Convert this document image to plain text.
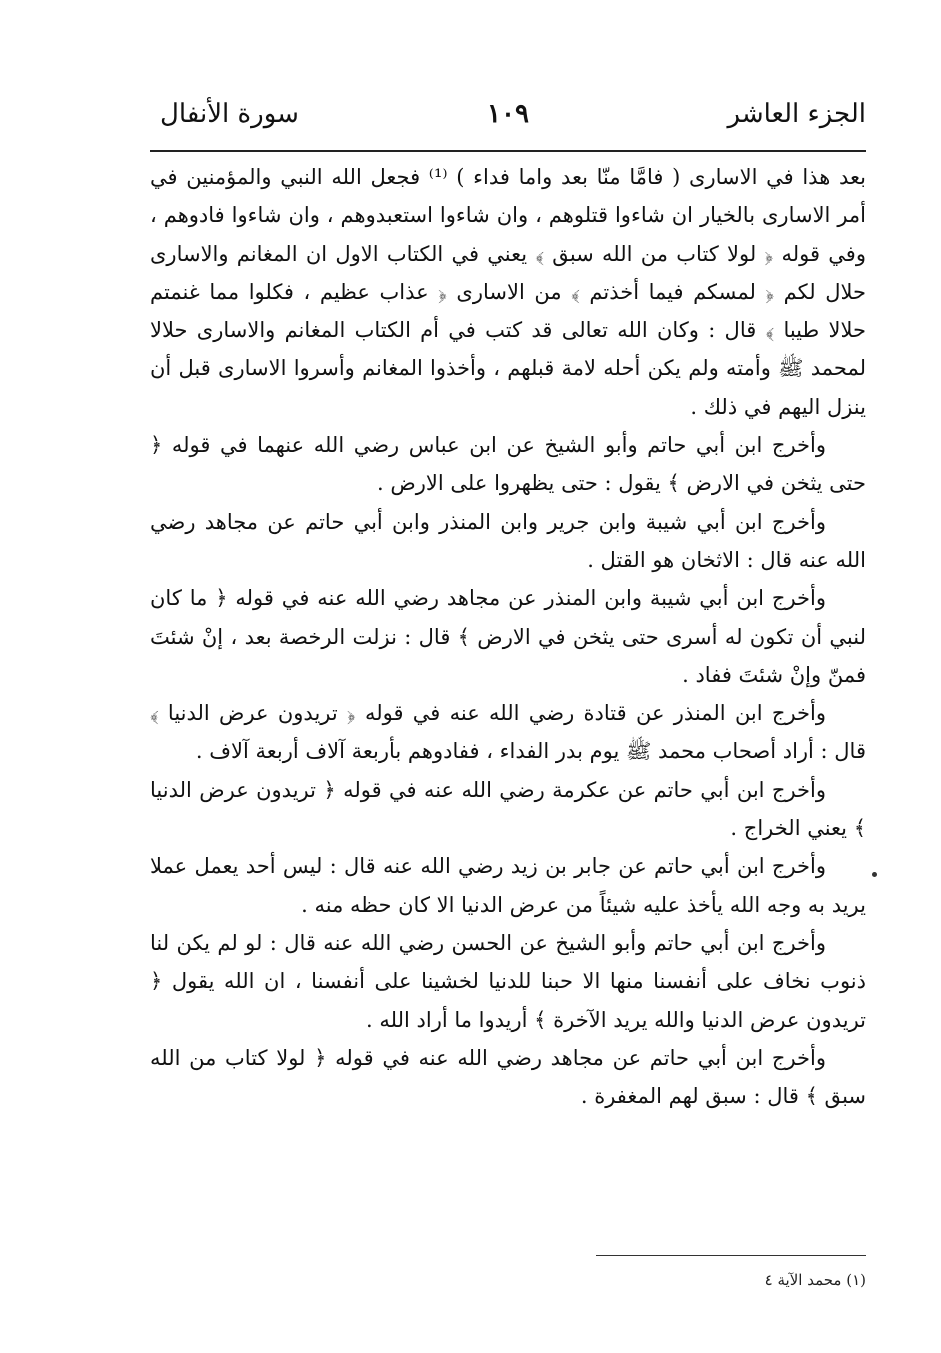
الجزء العاشر
١٠٩
سورة الأنفال

بعد هذا في الاسارى ( فامَّا منّا بعد واما فداء ) ⁽¹⁾ فجعل الله النبي والمؤمنين في أمر الاسارى بالخيار ان شاءوا قتلوهم ، وان شاءوا استعبدوهم ، وان شاءوا فادوهم ، وفي قوله ﴿ لولا كتاب من الله سبق ﴾ يعني في الكتاب الاول ان المغانم والاسارى حلال لكم ﴿ لمسكم فيما أخذتم ﴾ من الاسارى ﴿ عذاب عظيم ، فكلوا مما غنمتم حلالا طيبا ﴾ قال : وكان الله تعالى قد كتب في أم الكتاب المغانم والاسارى حلالا لمحمد ﷺ وأمته ولم يكن أحله لامة قبلهم ، وأخذوا المغانم وأسروا الاسارى قبل أن ينزل اليهم في ذلك .

وأخرج ابن أبي حاتم وأبو الشيخ عن ابن عباس رضي الله عنهما في قوله ﴿ حتى يثخن في الارض ﴾ يقول : حتى يظهروا على الارض .

وأخرج ابن أبي شيبة وابن جرير وابن المنذر وابن أبي حاتم عن مجاهد رضي الله عنه قال : الاثخان هو القتل .

وأخرج ابن أبي شيبة وابن المنذر عن مجاهد رضي الله عنه في قوله ﴿ ما كان لنبي أن تكون له أسرى حتى يثخن في الارض ﴾ قال : نزلت الرخصة بعد ، إنْ شئتَ فمنّ وإنْ شئتَ ففاد .

وأخرج ابن المنذر عن قتادة رضي الله عنه في قوله ﴿ تريدون عرض الدنيا ﴾ قال : أراد أصحاب محمد ﷺ يوم بدر الفداء ، ففادوهم بأربعة آلاف أربعة آلاف .

وأخرج ابن أبي حاتم عن عكرمة رضي الله عنه في قوله ﴿ تريدون عرض الدنيا ﴾ يعني الخراج .

وأخرج ابن أبي حاتم عن جابر بن زيد رضي الله عنه قال : ليس أحد يعمل عملا يريد به وجه الله يأخذ عليه شيئاً من عرض الدنيا الا كان حظه منه .

وأخرج ابن أبي حاتم وأبو الشيخ عن الحسن رضي الله عنه قال : لو لم يكن لنا ذنوب نخاف على أنفسنا منها الا حبنا للدنيا لخشينا على أنفسنا ، ان الله يقول ﴿ تريدون عرض الدنيا والله يريد الآخرة ﴾ أريدوا ما أراد الله .

وأخرج ابن أبي حاتم عن مجاهد رضي الله عنه في قوله ﴿ لولا كتاب من الله سبق ﴾ قال : سبق لهم المغفرة .

(١) محمد الآية ٤
